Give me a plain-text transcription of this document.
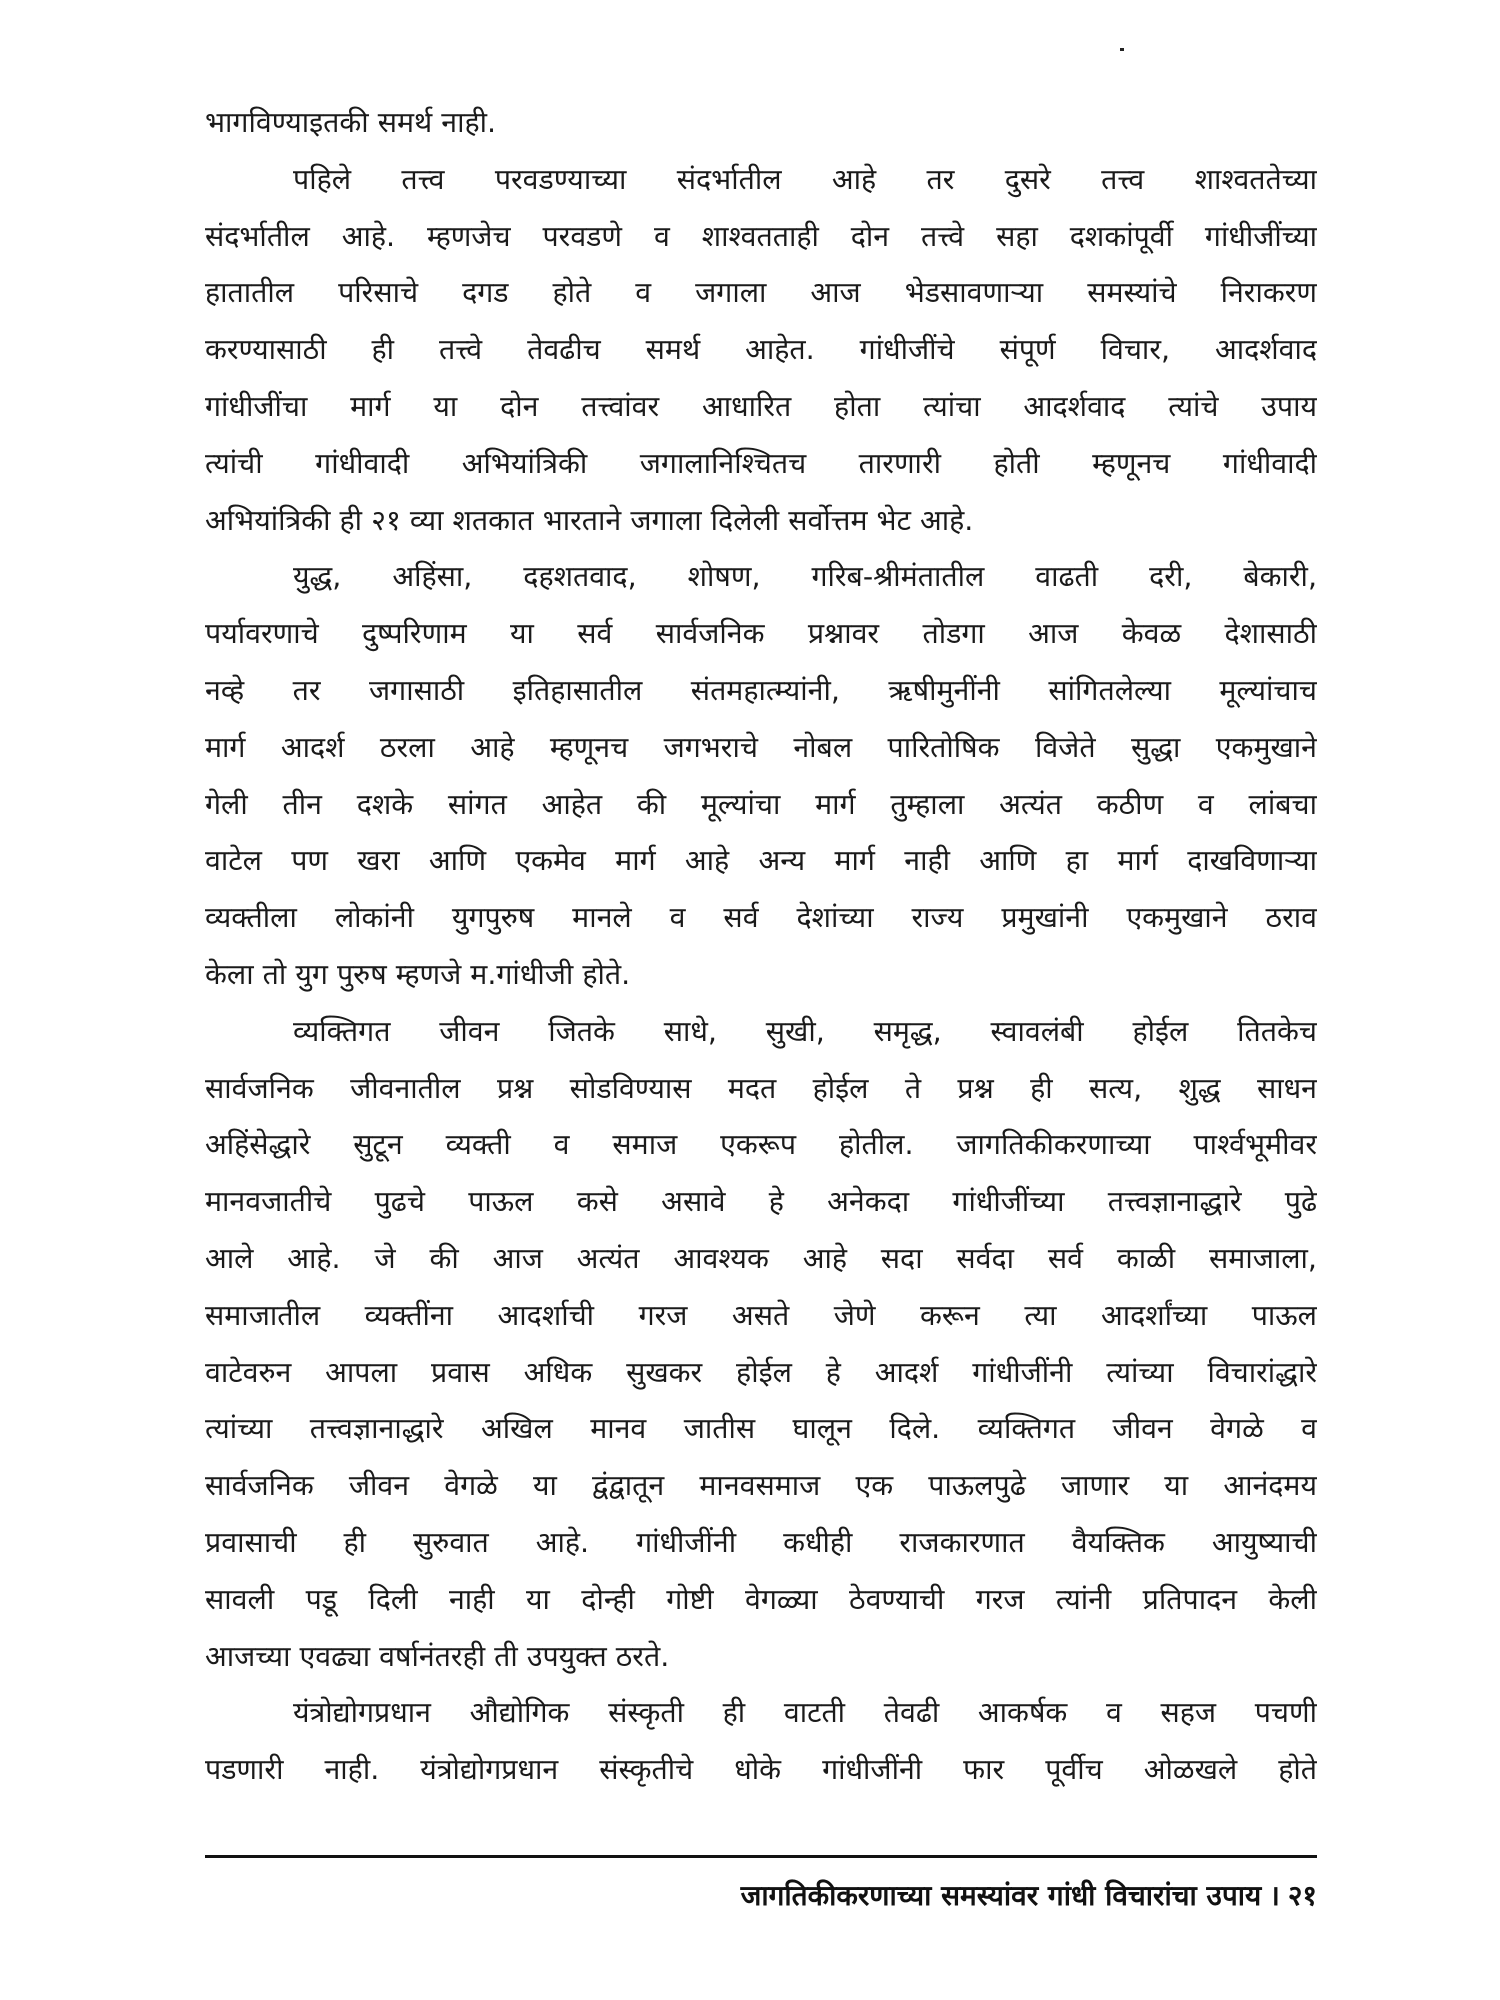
भागविण्याइतकी समर्थ नाही.
पहिले तत्त्व परवडण्याच्या संदर्भातील आहे तर दुसरे तत्त्व शाश्वततेच्या
संदर्भातील आहे. म्हणजेच परवडणे व शाश्वतताही दोन तत्त्वे सहा दशकांपूर्वी गांधीजींच्या
हातातील परिसाचे दगड होते व जगाला आज भेडसावणाऱ्या समस्यांचे निराकरण
करण्यासाठी ही तत्त्वे तेवढीच समर्थ आहेत. गांधीजींचे संपूर्ण विचार, आदर्शवाद
गांधीजींचा मार्ग या दोन तत्त्वांवर आधारित होता त्यांचा आदर्शवाद त्यांचे उपाय
त्यांची गांधीवादी अभियांत्रिकी जगालानिश्चितच तारणारी होती म्हणूनच गांधीवादी
अभियांत्रिकी ही २१ व्या शतकात भारताने जगाला दिलेली सर्वोत्तम भेट आहे.
युद्ध, अहिंसा, दहशतवाद, शोषण, गरिब-श्रीमंतातील वाढती दरी, बेकारी,
पर्यावरणाचे दुष्परिणाम या सर्व सार्वजनिक प्रश्नावर तोडगा आज केवळ देशासाठी
नव्हे तर जगासाठी इतिहासातील संतमहात्म्यांनी, ऋषीमुनींनी सांगितलेल्या मूल्यांचाच
मार्ग आदर्श ठरला आहे म्हणूनच जगभराचे नोबल पारितोषिक विजेते सुद्धा एकमुखाने
गेली तीन दशके सांगत आहेत की मूल्यांचा मार्ग तुम्हाला अत्यंत कठीण व लांबचा
वाटेल पण खरा आणि एकमेव मार्ग आहे अन्य मार्ग नाही आणि हा मार्ग दाखविणाऱ्या
व्यक्तीला लोकांनी युगपुरुष मानले व सर्व देशांच्या राज्य प्रमुखांनी एकमुखाने ठराव
केला तो युग पुरुष म्हणजे म.गांधीजी होते.
व्यक्तिगत जीवन जितके साधे, सुखी, समृद्ध, स्वावलंबी होईल तितकेच
सार्वजनिक जीवनातील प्रश्न सोडविण्यास मदत होईल ते प्रश्न ही सत्य, शुद्ध साधन
अहिंसेद्धारे सुटून व्यक्ती व समाज एकरूप होतील. जागतिकीकरणाच्या पार्श्वभूमीवर
मानवजातीचे पुढचे पाऊल कसे असावे हे अनेकदा गांधीजींच्या तत्त्वज्ञानाद्धारे पुढे
आले आहे. जे की आज अत्यंत आवश्यक आहे सदा सर्वदा सर्व काळी समाजाला,
समाजातील व्यक्तींना आदर्शाची गरज असते जेणे करून त्या आदर्शांच्या पाऊल
वाटेवरुन आपला प्रवास अधिक सुखकर होईल हे आदर्श गांधीजींनी त्यांच्या विचारांद्धारे
त्यांच्या तत्त्वज्ञानाद्धारे अखिल मानव जातीस घालून दिले. व्यक्तिगत जीवन वेगळे व
सार्वजनिक जीवन वेगळे या द्वंद्वातून मानवसमाज एक पाऊलपुढे जाणार या आनंदमय
प्रवासाची ही सुरुवात आहे. गांधीजींनी कधीही राजकारणात वैयक्तिक आयुष्याची
सावली पडू दिली नाही या दोन्ही गोष्टी वेगळ्या ठेवण्याची गरज त्यांनी प्रतिपादन केली
आजच्या एवढ्या वर्षानंतरही ती उपयुक्त ठरते.
यंत्रोद्योगप्रधान औद्योगिक संस्कृती ही वाटती तेवढी आकर्षक व सहज पचणी
पडणारी नाही. यंत्रोद्योगप्रधान संस्कृतीचे धोके गांधीजींनी फार पूर्वीच ओळखले होते
जागतिकीकरणाच्या समस्यांवर गांधी विचारांचा उपाय । २१
